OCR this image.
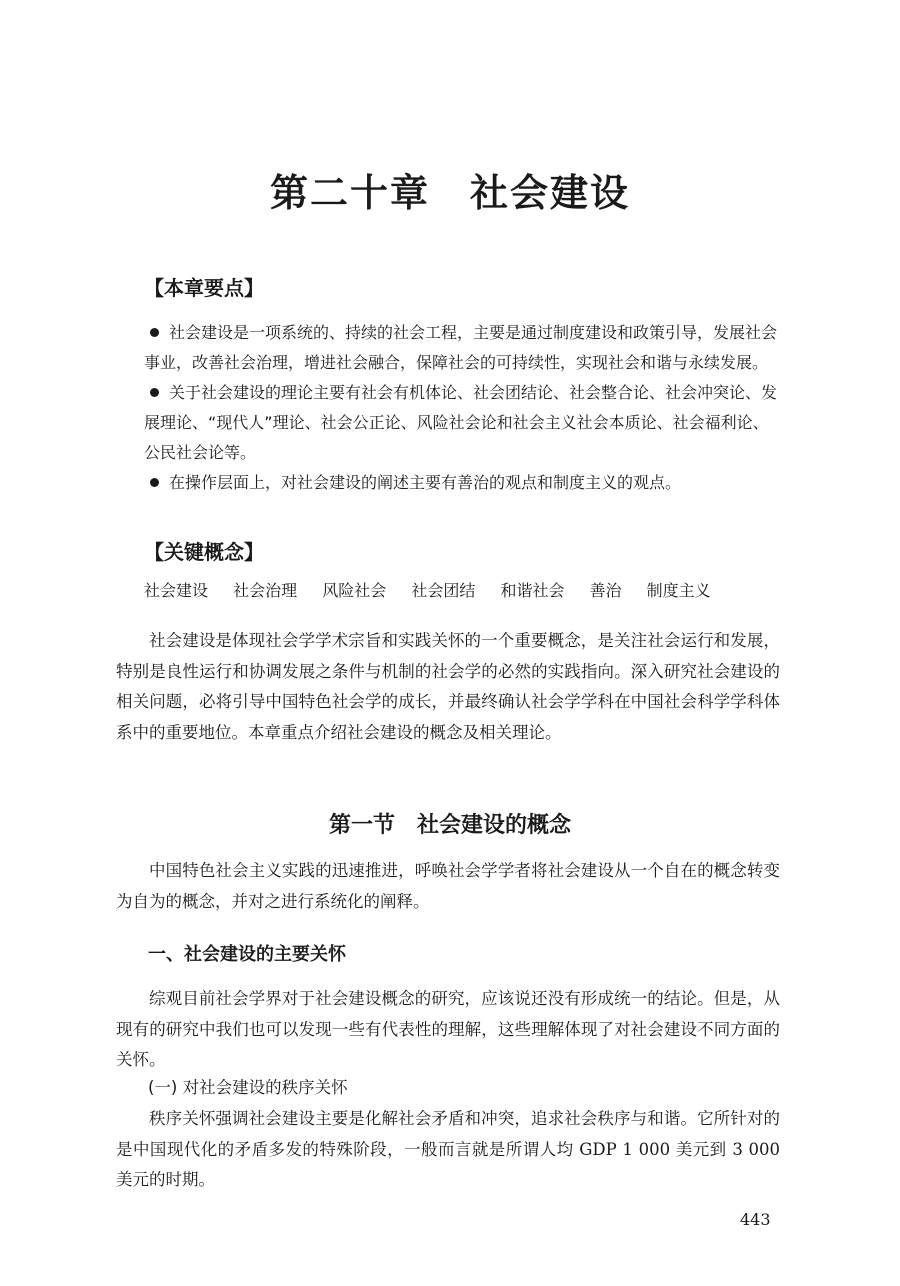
第二十章　社会建设
【本章要点】

社会建设是一项系统的、持续的社会工程，主要是通过制度建设和政策引导，发展社会事业，改善社会治理，增进社会融合，保障社会的可持续性，实现社会和谐与永续发展。

关于社会建设的理论主要有社会有机体论、社会团结论、社会整合论、社会冲突论、发展理论、“现代人”理论、社会公正论、风险社会论和社会主义社会本质论、社会福利论、公民社会论等。

在操作层面上，对社会建设的阐述主要有善治的观点和制度主义的观点。

【关键概念】
社会建设 社会治理 风险社会 社会团结 和谐社会 善治 制度主义

社会建设是体现社会学学术宗旨和实践关怀的一个重要概念，是关注社会运行和发展，特别是良性运行和协调发展之条件与机制的社会学的必然的实践指向。深入研究社会建设的相关问题，必将引导中国特色社会学的成长，并最终确认社会学学科在中国社会科学学科体系中的重要地位。本章重点介绍社会建设的概念及相关理论。

第一节　社会建设的概念

中国特色社会主义实践的迅速推进，呼唤社会学学者将社会建设从一个自在的概念转变为自为的概念，并对之进行系统化的阐释。

一、社会建设的主要关怀

综观目前社会学界对于社会建设概念的研究，应该说还没有形成统一的结论。但是，从现有的研究中我们也可以发现一些有代表性的理解，这些理解体现了对社会建设不同方面的关怀。

(一) 对社会建设的秩序关怀

秩序关怀强调社会建设主要是化解社会矛盾和冲突，追求社会秩序与和谐。它所针对的是中国现代化的矛盾多发的特殊阶段，一般而言就是所谓人均 GDP 1 000 美元到 3 000 美元的时期。

443
